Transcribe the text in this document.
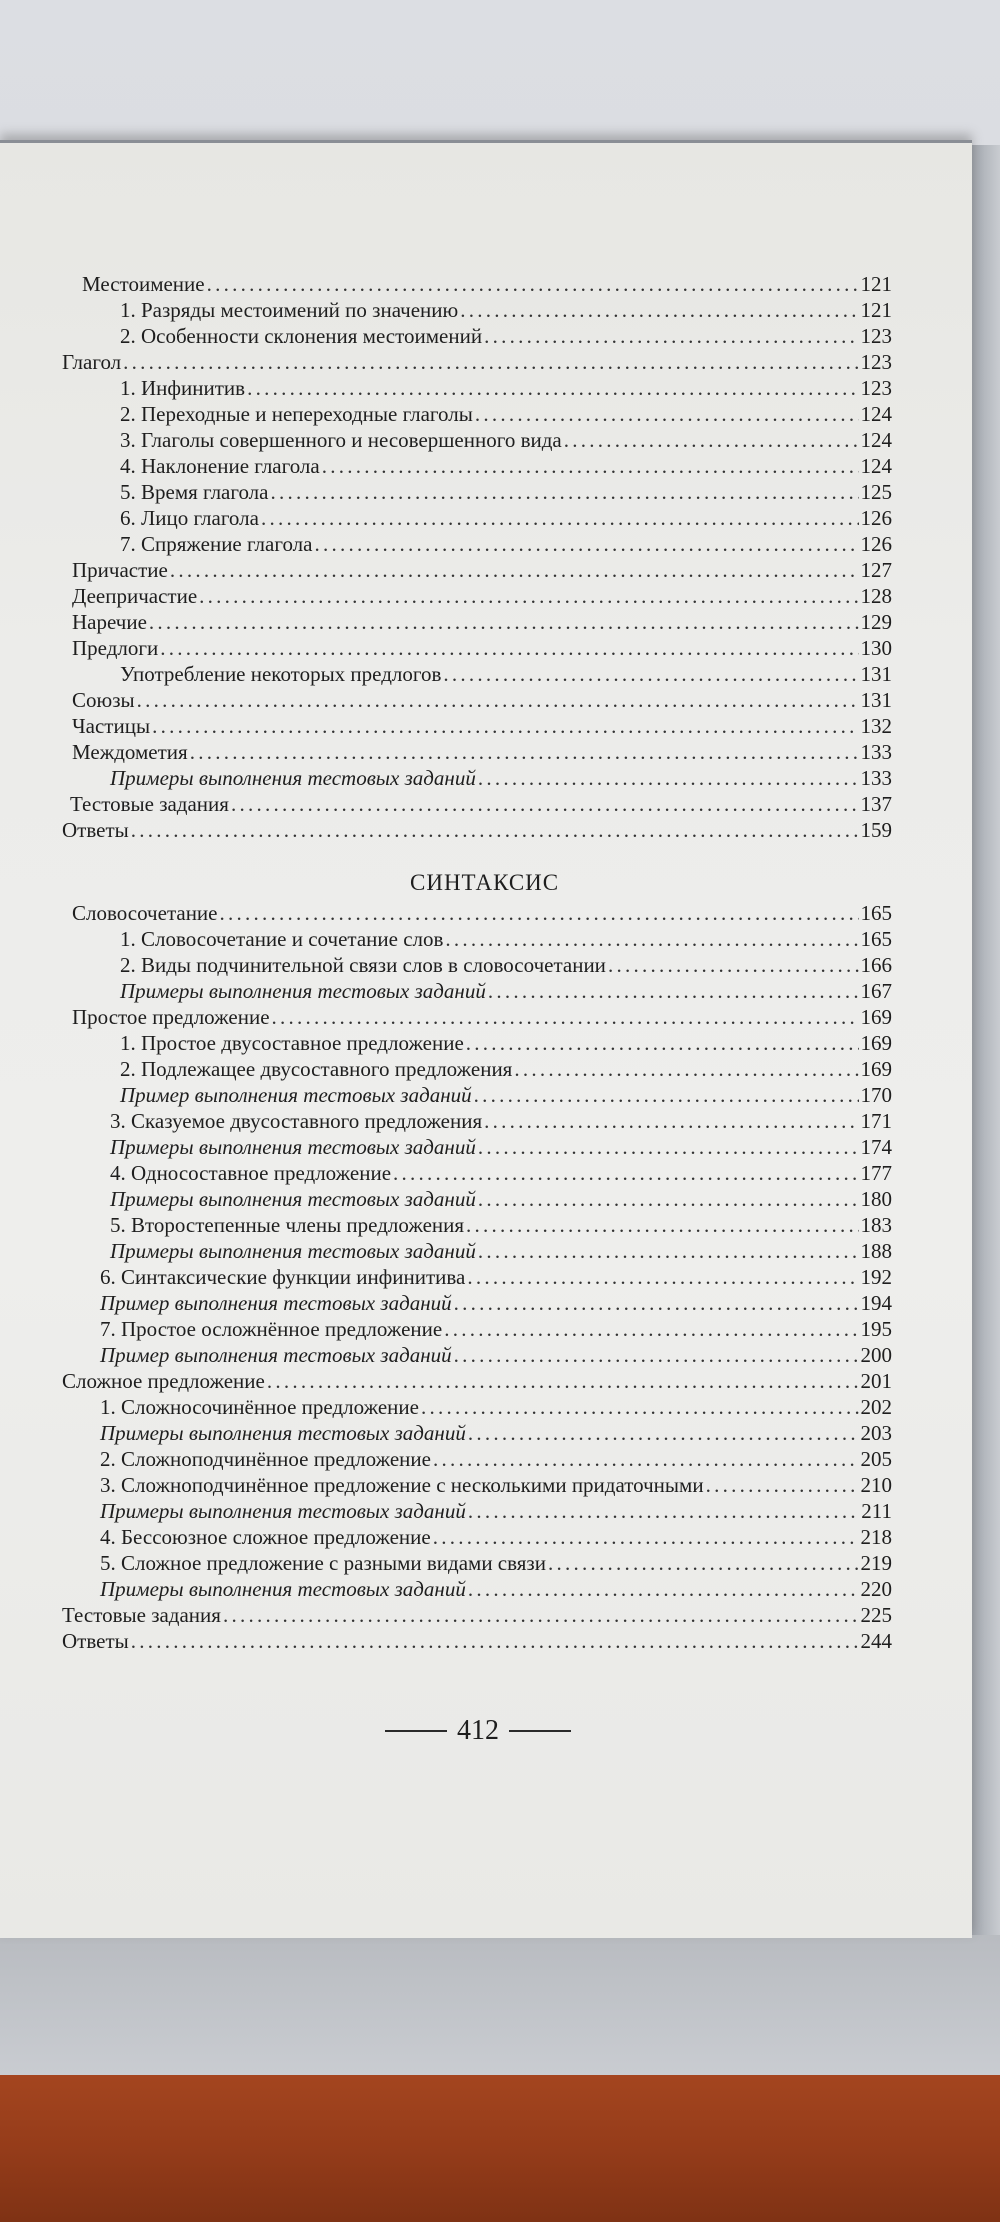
Местоимение . . .	121
1. Разряды местоимений по значению . . .	121
2. Особенности склонения местоимений . . .	123
Глагол . . .	123
1. Инфинитив . . .	123
2. Переходные и непереходные глаголы . . .	124
3. Глаголы совершенного и несовершенного вида . . .	124
4. Наклонение глагола . . .	124
5. Время глагола . . .	125
6. Лицо глагола . . .	126
7. Спряжение глагола . . .	126
Причастие . . .	127
Деепричастие . . .	128
Наречие . . .	129
Предлоги . . .	130
Употребление некоторых предлогов . . .	131
Союзы . . .	131
Частицы . . .	132
Междометия . . .	133
Примеры выполнения тестовых заданий . . .	133
Тестовые задания . . .	137
Ответы . . .	159
Словосочетание . . .	165
1. Словосочетание и сочетание слов . . .	165
2. Виды подчинительной связи слов в словосочетании . . .	166
Примеры выполнения тестовых заданий . . .	167
Простое предложение . . .	169
1. Простое двусоставное предложение . . .	169
2. Подлежащее двусоставного предложения . . .	169
Пример выполнения тестовых заданий . . .	170
3. Сказуемое двусоставного предложения . . .	171
Примеры выполнения тестовых заданий . . .	174
4. Односоставное предложение . . .	177
Примеры выполнения тестовых заданий . . .	180
5. Второстепенные члены предложения . . .	183
Примеры выполнения тестовых заданий . . .	188
6. Синтаксические функции инфинитива . . .	192
Пример выполнения тестовых заданий . . .	194
7. Простое осложнённое предложение . . .	195
Пример выполнения тестовых заданий . . .	200
Сложное предложение . . .	201
1. Сложносочинённое предложение . . .	202
Примеры выполнения тестовых заданий . . .	203
2. Сложноподчинённое предложение . . .	205
3. Сложноподчинённое предложение с несколькими придаточными . . .	210
Примеры выполнения тестовых заданий . . .	211
4. Бессоюзное сложное предложение . . .	218
5. Сложное предложение с разными видами связи . . .	219
Примеры выполнения тестовых заданий . . .	220
Тестовые задания . . .	225
Ответы . . .	244
СИНТАКСИС
412
